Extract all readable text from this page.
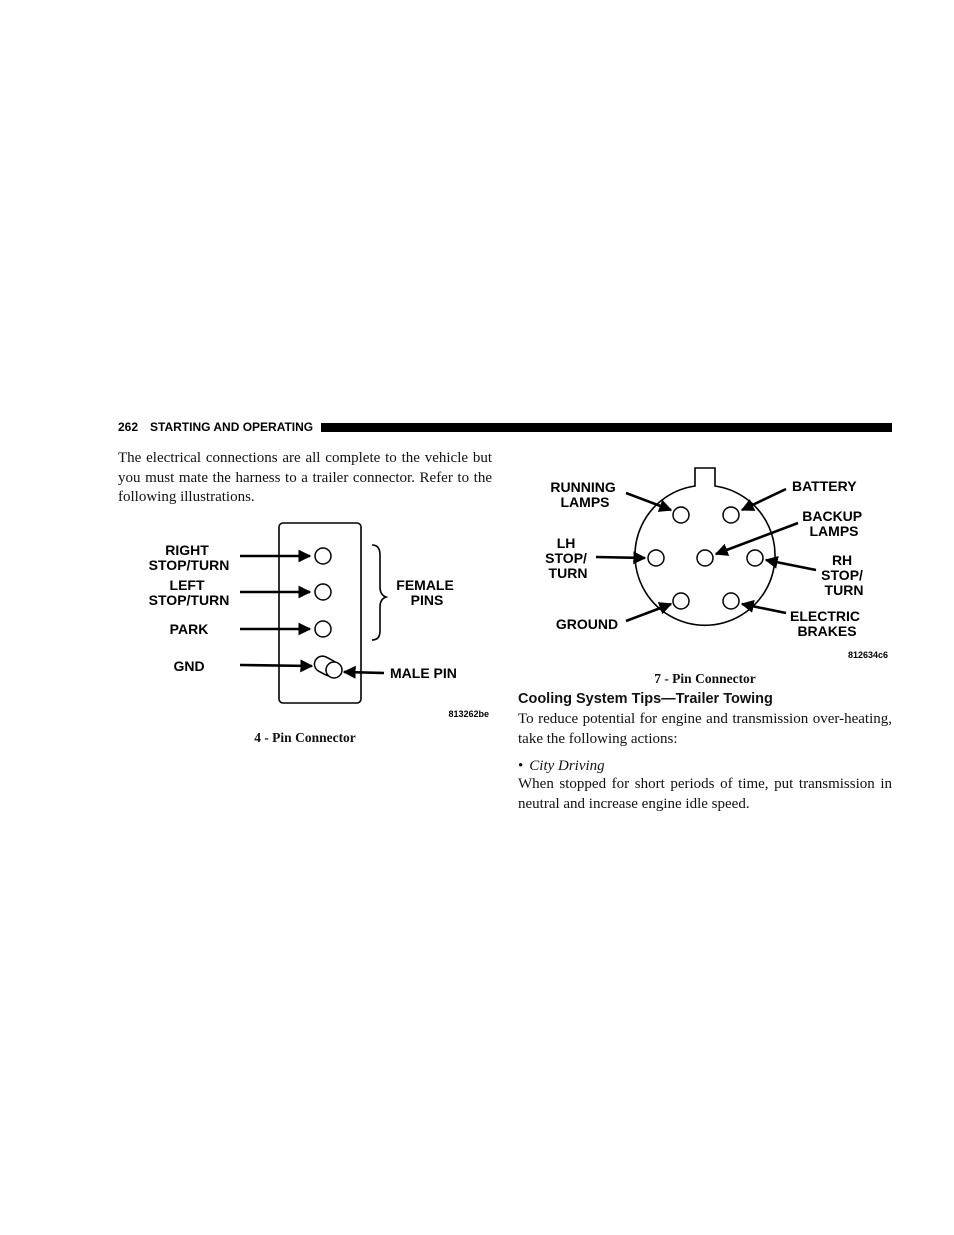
262 STARTING AND OPERATING

The electrical connections are all complete to the vehicle but you must mate the harness to a trailer connector. Refer to the following illustrations.

RIGHT STOP/TURN
LEFT STOP/TURN
PARK
GND
FEMALE PINS
MALE PIN
813262be

4 - Pin Connector

RUNNING LAMPS
BATTERY
BACKUP LAMPS
LH STOP/ TURN
RH STOP/ TURN
GROUND	ELECTRIC BRAKES
812634c6

7 - Pin Connector

Cooling System Tips—Trailer Towing

To reduce potential for engine and transmission over-heating, take the following actions:

• City Driving

When stopped for short periods of time, put transmission in neutral and increase engine idle speed.
